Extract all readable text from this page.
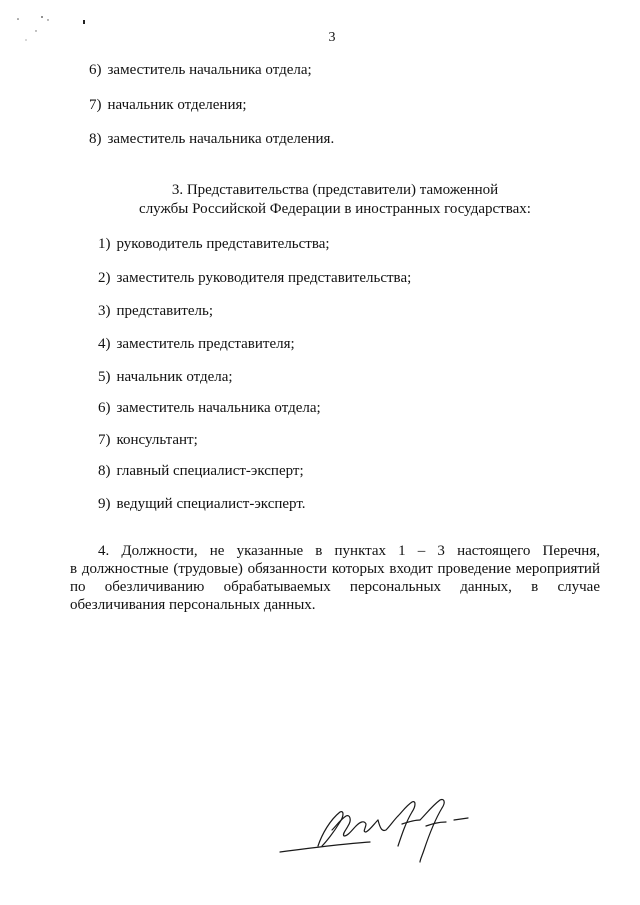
3
6) заместитель начальника отдела;
7) начальник отделения;
8) заместитель начальника отделения.
3. Представительства (представители) таможенной
службы Российской Федерации в иностранных государствах:
1) руководитель представительства;
2) заместитель руководителя представительства;
3) представитель;
4) заместитель представителя;
5) начальник отдела;
6) заместитель начальника отдела;
7) консультант;
8) главный специалист-эксперт;
9) ведущий специалист-эксперт.
4. Должности, не указанные в пунктах 1 – 3 настоящего Перечня,
в должностные (трудовые) обязанности которых входит проведение мероприятий
по обезличиванию обрабатываемых персональных данных, в случае
обезличивания персональных данных.
